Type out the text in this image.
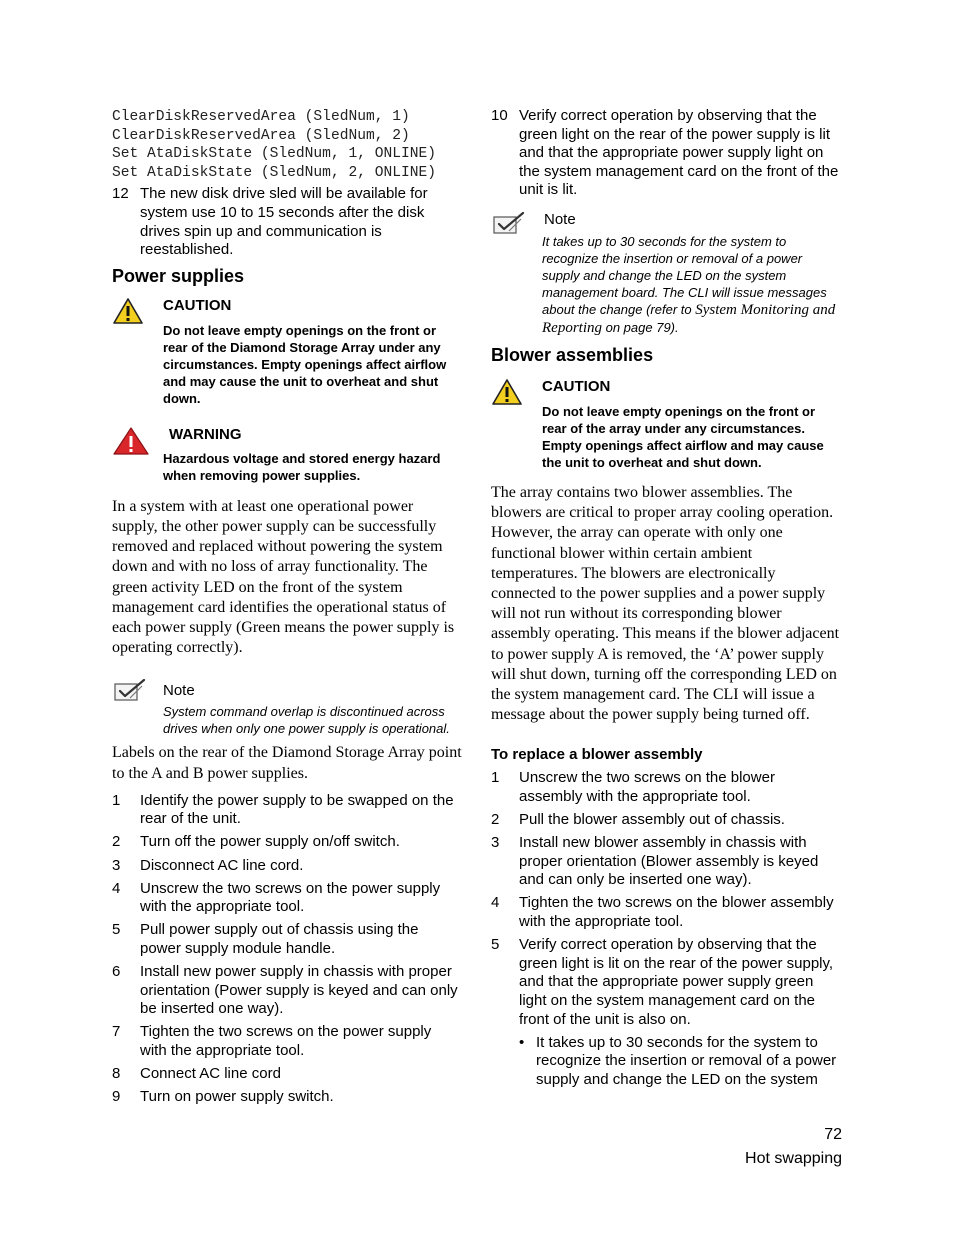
ClearDiskReservedArea (SledNum, 1)
ClearDiskReservedArea (SledNum, 2)
Set AtaDiskState (SledNum, 1, ONLINE)
Set AtaDiskState (SledNum, 2, ONLINE)
12 The new disk drive sled will be available for system use 10 to 15 seconds after the disk drives spin up and communication is reestablished.
Power supplies
CAUTION
Do not leave empty openings on the front or rear of the Diamond Storage Array under any circumstances. Empty openings affect airflow and may cause the unit to overheat and shut down.
WARNING
Hazardous voltage and stored energy hazard when removing power supplies.
In a system with at least one operational power supply, the other power supply can be successfully removed and replaced without powering the system down and with no loss of array functionality. The green activity LED on the front of the system management card identifies the operational status of each power supply (Green means the power supply is operating correctly).
Note
System command overlap is discontinued across drives when only one power supply is operational.
Labels on the rear of the Diamond Storage Array point to the A and B power supplies.
1	Identify the power supply to be swapped on the rear of the unit.
2	Turn off the power supply on/off switch.
3	Disconnect AC line cord.
4	Unscrew the two screws on the power supply with the appropriate tool.
5	Pull power supply out of chassis using the power supply module handle.
6	Install new power supply in chassis with proper orientation (Power supply is keyed and can only be inserted one way).
7	Tighten the two screws on the power supply with the appropriate tool.
8	Connect AC line cord
9	Turn on power supply switch.
10 Verify correct operation by observing that the green light on the rear of the power supply is lit and that the appropriate power supply light on the system management card on the front of the unit is lit.
Note
It takes up to 30 seconds for the system to recognize the insertion or removal of a power supply and change the LED on the system management board. The CLI will issue messages about the change (refer to System Monitoring and Reporting on page 79).
Blower assemblies
CAUTION
Do not leave empty openings on the front or rear of the array under any circumstances. Empty openings affect airflow and may cause the unit to overheat and shut down.
The array contains two blower assemblies. The blowers are critical to proper array cooling operation. However, the array can operate with only one functional blower within certain ambient temperatures. The blowers are electronically connected to the power supplies and a power supply will not run without its corresponding blower assembly operating. This means if the blower adjacent to power supply A is removed, the ‘A’ power supply will shut down, turning off the corresponding LED on the system management card. The CLI will issue a message about the power supply being turned off.
To replace a blower assembly
1	Unscrew the two screws on the blower assembly with the appropriate tool.
2	Pull the blower assembly out of chassis.
3	Install new blower assembly in chassis with proper orientation (Blower assembly is keyed and can only be inserted one way).
4	Tighten the two screws on the blower assembly with the appropriate tool.
5	Verify correct operation by observing that the green light is lit on the rear of the power supply, and that the appropriate power supply green light on the system management card on the front of the unit is also on.
• It takes up to 30 seconds for the system to recognize the insertion or removal of a power supply and change the LED on the system
72
Hot swapping
